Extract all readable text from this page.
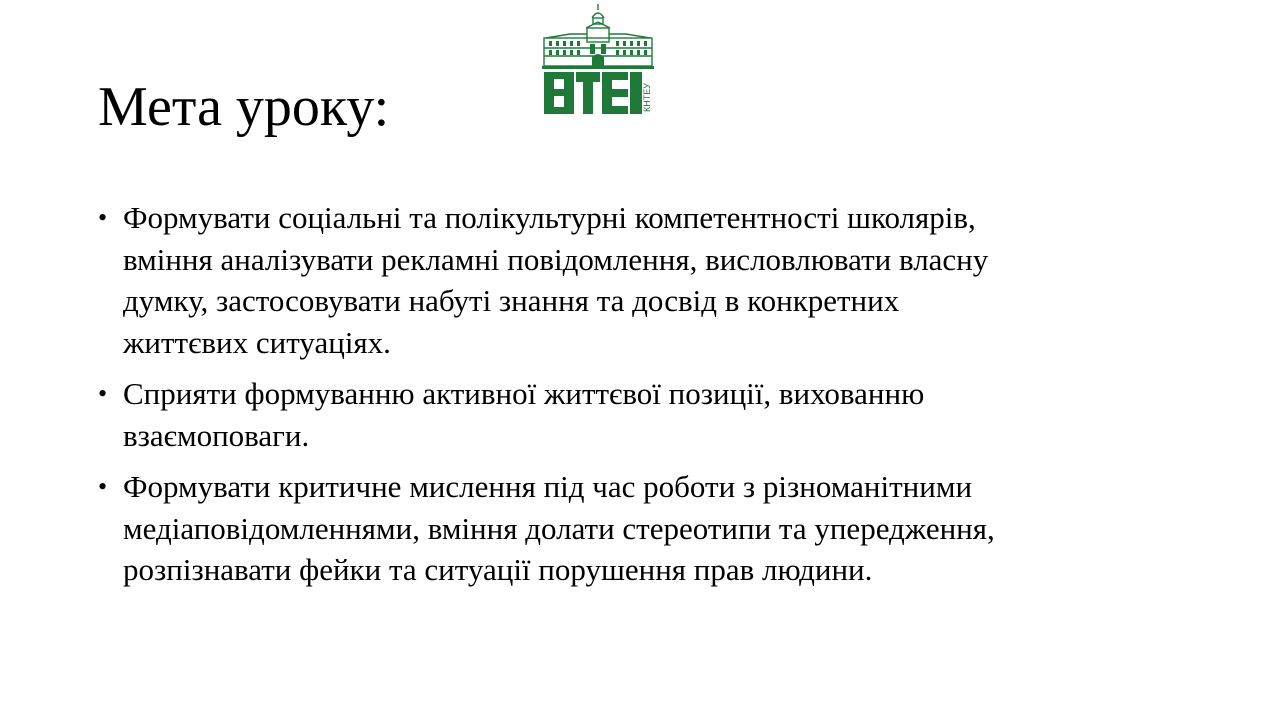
КНТЕУ
Мета уроку:
• Формувати соціальні та полікультурні компетентності школярів,
вміння аналізувати рекламні повідомлення, висловлювати власну
думку, застосовувати набуті знання та досвід в конкретних
життєвих ситуаціях.
• Сприяти формуванню активної життєвої позиції, вихованню
взаємоповаги.
• Формувати критичне мислення під час роботи з різноманітними
медіаповідомленнями, вміння долати стереотипи та упередження,
розпізнавати фейки та ситуації порушення прав людини.
